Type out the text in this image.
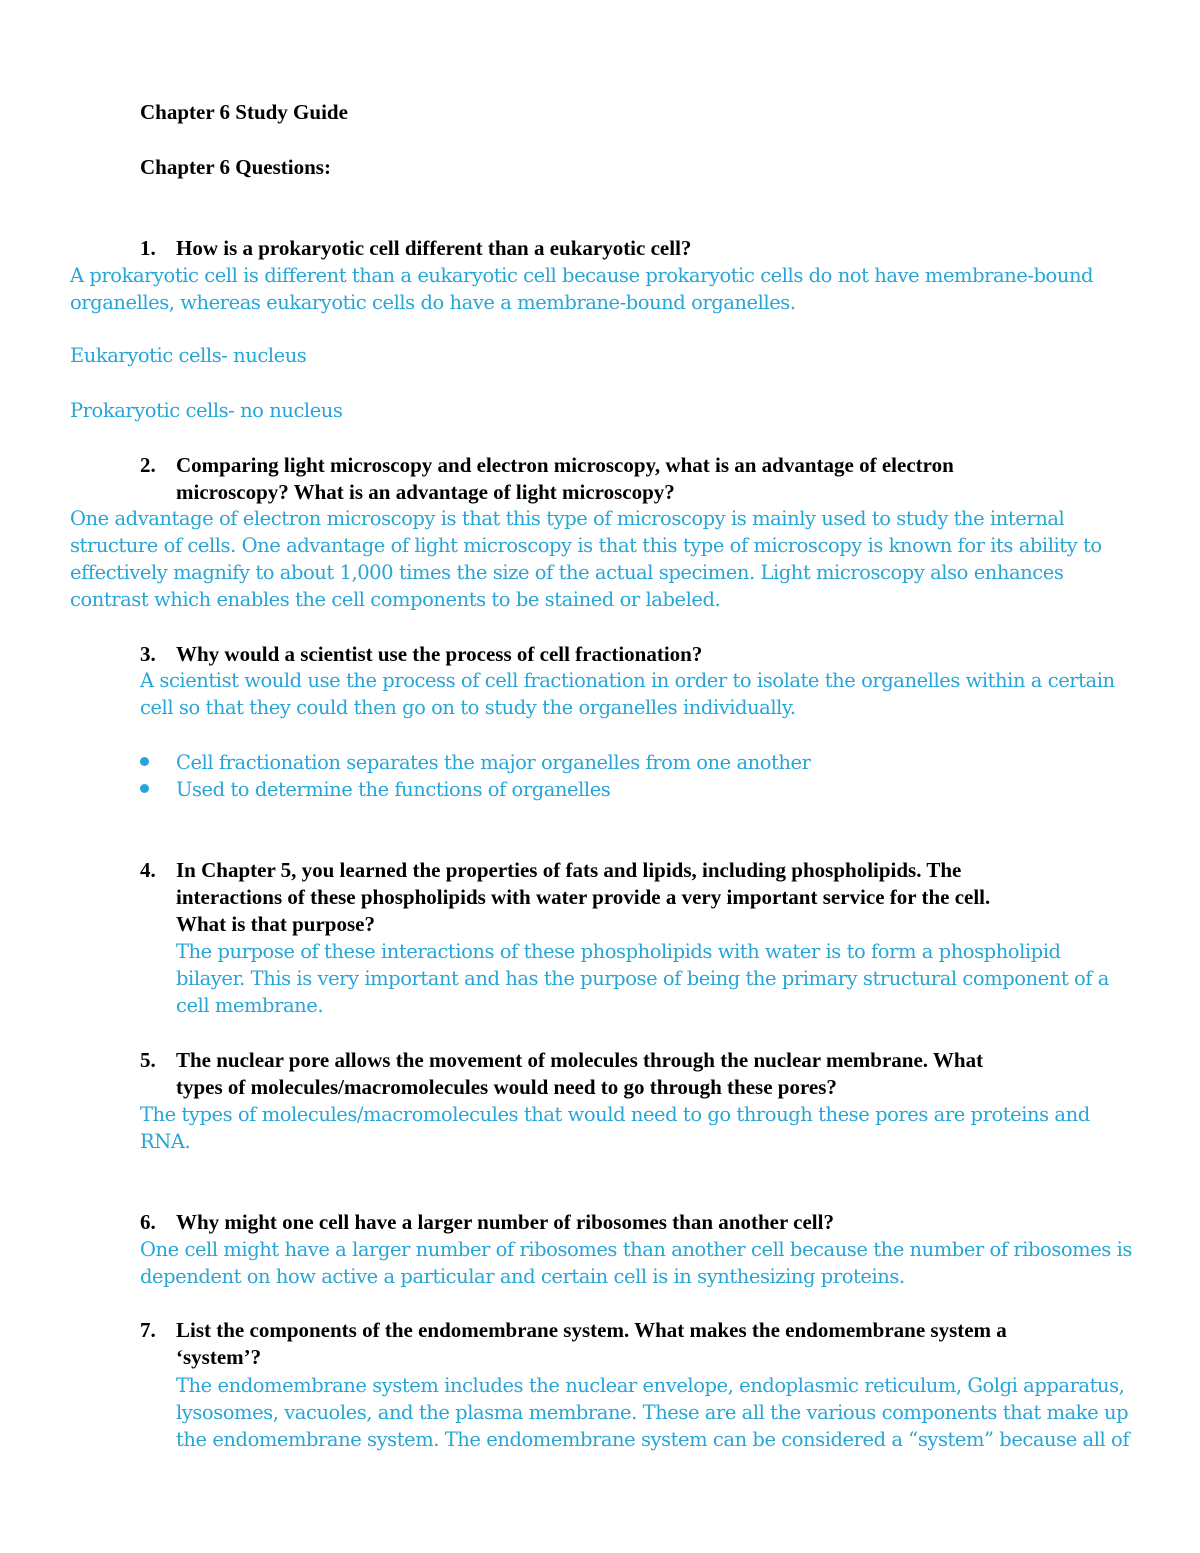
Chapter 6 Study Guide
Chapter 6 Questions:
1. How is a prokaryotic cell different than a eukaryotic cell?
A prokaryotic cell is different than a eukaryotic cell because prokaryotic cells do not have membrane-bound
organelles, whereas eukaryotic cells do have a membrane-bound organelles.
Eukaryotic cells- nucleus
Prokaryotic cells- no nucleus
2. Comparing light microscopy and electron microscopy, what is an advantage of electron
microscopy? What is an advantage of light microscopy?
One advantage of electron microscopy is that this type of microscopy is mainly used to study the internal
structure of cells. One advantage of light microscopy is that this type of microscopy is known for its ability to
effectively magnify to about 1,000 times the size of the actual specimen. Light microscopy also enhances
contrast which enables the cell components to be stained or labeled.
3. Why would a scientist use the process of cell fractionation?
A scientist would use the process of cell fractionation in order to isolate the organelles within a certain
cell so that they could then go on to study the organelles individually.
Cell fractionation separates the major organelles from one another
Used to determine the functions of organelles
4. In Chapter 5, you learned the properties of fats and lipids, including phospholipids. The
interactions of these phospholipids with water provide a very important service for the cell.
What is that purpose?
The purpose of these interactions of these phospholipids with water is to form a phospholipid
bilayer. This is very important and has the purpose of being the primary structural component of a
cell membrane.
5. The nuclear pore allows the movement of molecules through the nuclear membrane. What
types of molecules/macromolecules would need to go through these pores?
The types of molecules/macromolecules that would need to go through these pores are proteins and
RNA.
6. Why might one cell have a larger number of ribosomes than another cell?
One cell might have a larger number of ribosomes than another cell because the number of ribosomes is
dependent on how active a particular and certain cell is in synthesizing proteins.
7. List the components of the endomembrane system. What makes the endomembrane system a
‘system’?
The endomembrane system includes the nuclear envelope, endoplasmic reticulum, Golgi apparatus,
lysosomes, vacuoles, and the plasma membrane. These are all the various components that make up
the endomembrane system. The endomembrane system can be considered a “system” because all of
